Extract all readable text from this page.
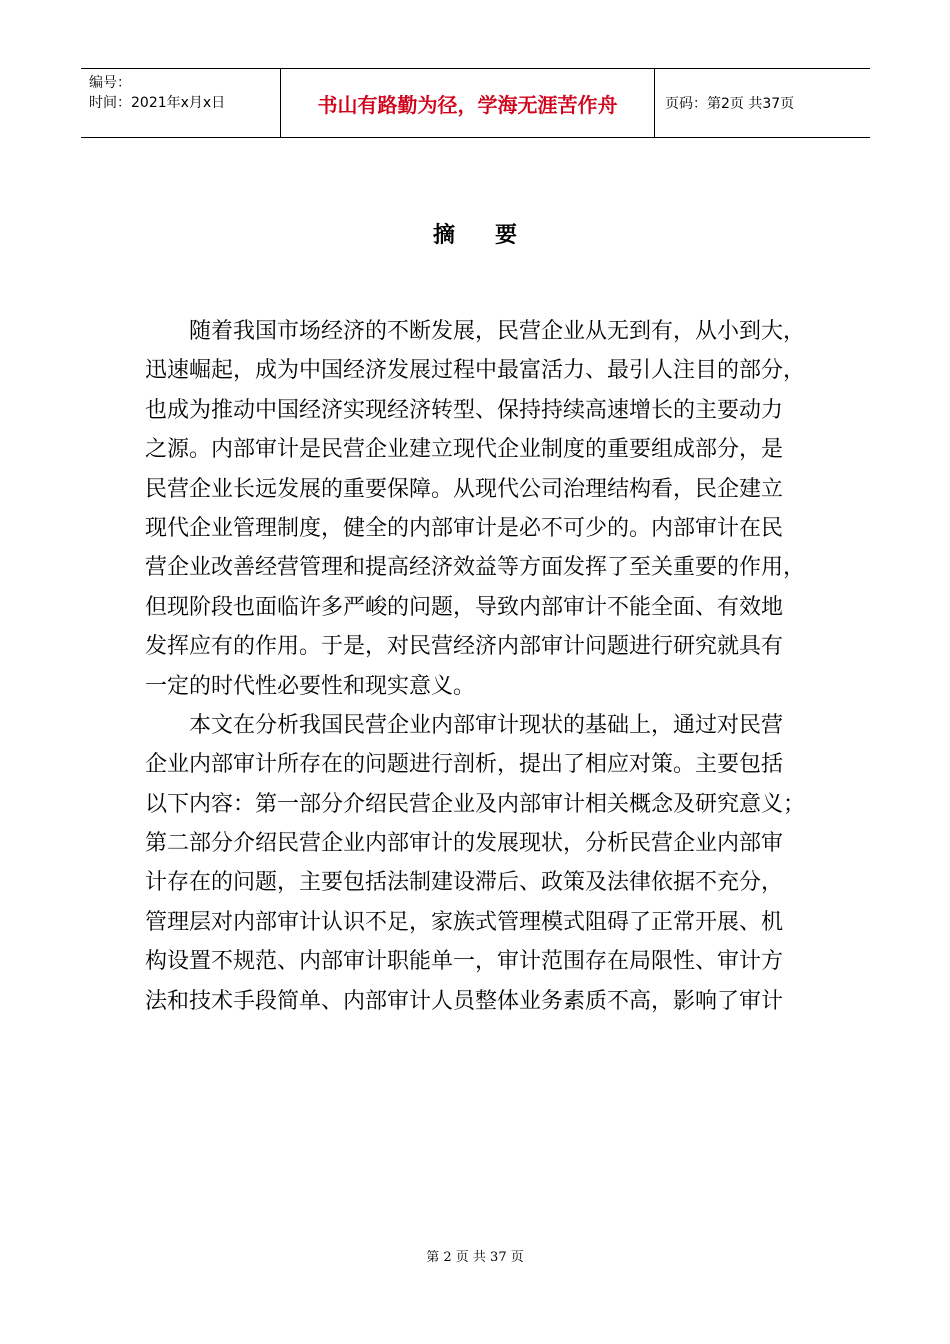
编号：
时间：2021年x月x日	书山有路勤为径，学海无涯苦作舟	页码：第2页 共37页
摘要
　　随着我国市场经济的不断发展，民营企业从无到有，从小到大，
迅速崛起，成为中国经济发展过程中最富活力、最引人注目的部分，
也成为推动中国经济实现经济转型、保持持续高速增长的主要动力
之源。内部审计是民营企业建立现代企业制度的重要组成部分，是
民营企业长远发展的重要保障。从现代公司治理结构看，民企建立
现代企业管理制度，健全的内部审计是必不可少的。内部审计在民
营企业改善经营管理和提高经济效益等方面发挥了至关重要的作用，
但现阶段也面临许多严峻的问题，导致内部审计不能全面、有效地
发挥应有的作用。于是，对民营经济内部审计问题进行研究就具有
一定的时代性必要性和现实意义。
　　本文在分析我国民营企业内部审计现状的基础上，通过对民营
企业内部审计所存在的问题进行剖析，提出了相应对策。主要包括
以下内容：第一部分介绍民营企业及内部审计相关概念及研究意义；
第二部分介绍民营企业内部审计的发展现状，分析民营企业内部审
计存在的问题，主要包括法制建设滞后、政策及法律依据不充分，
管理层对内部审计认识不足，家族式管理模式阻碍了正常开展、机
构设置不规范、内部审计职能单一，审计范围存在局限性、审计方
法和技术手段简单、内部审计人员整体业务素质不高，影响了审计
第 2 页 共 37 页
